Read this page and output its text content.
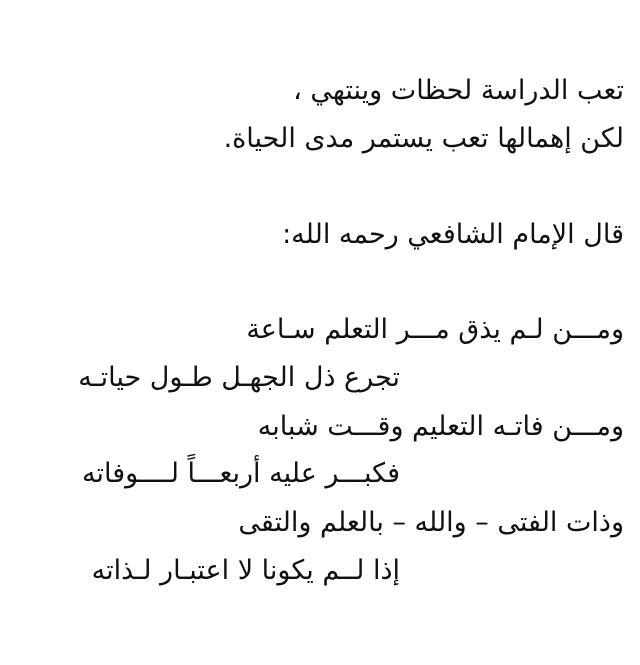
تعب الدراسة لحظات وينتهي ،
لكن إهمالها تعب يستمر مدى الحياة.
قال الإمام الشافعي رحمه الله:
ومـــن لـم يذق مـــر التعلم سـاعة
تجرع ذل الجهـل طـول حياتـه
ومـــن فاتـه التعليم وقـــت شبابه
فكبـــر عليه أربعـــاً لــــوفاته
وذات الفتى – والله – بالعلم والتقى
إذا لــم يكونا لا اعتبـار لـذاته
